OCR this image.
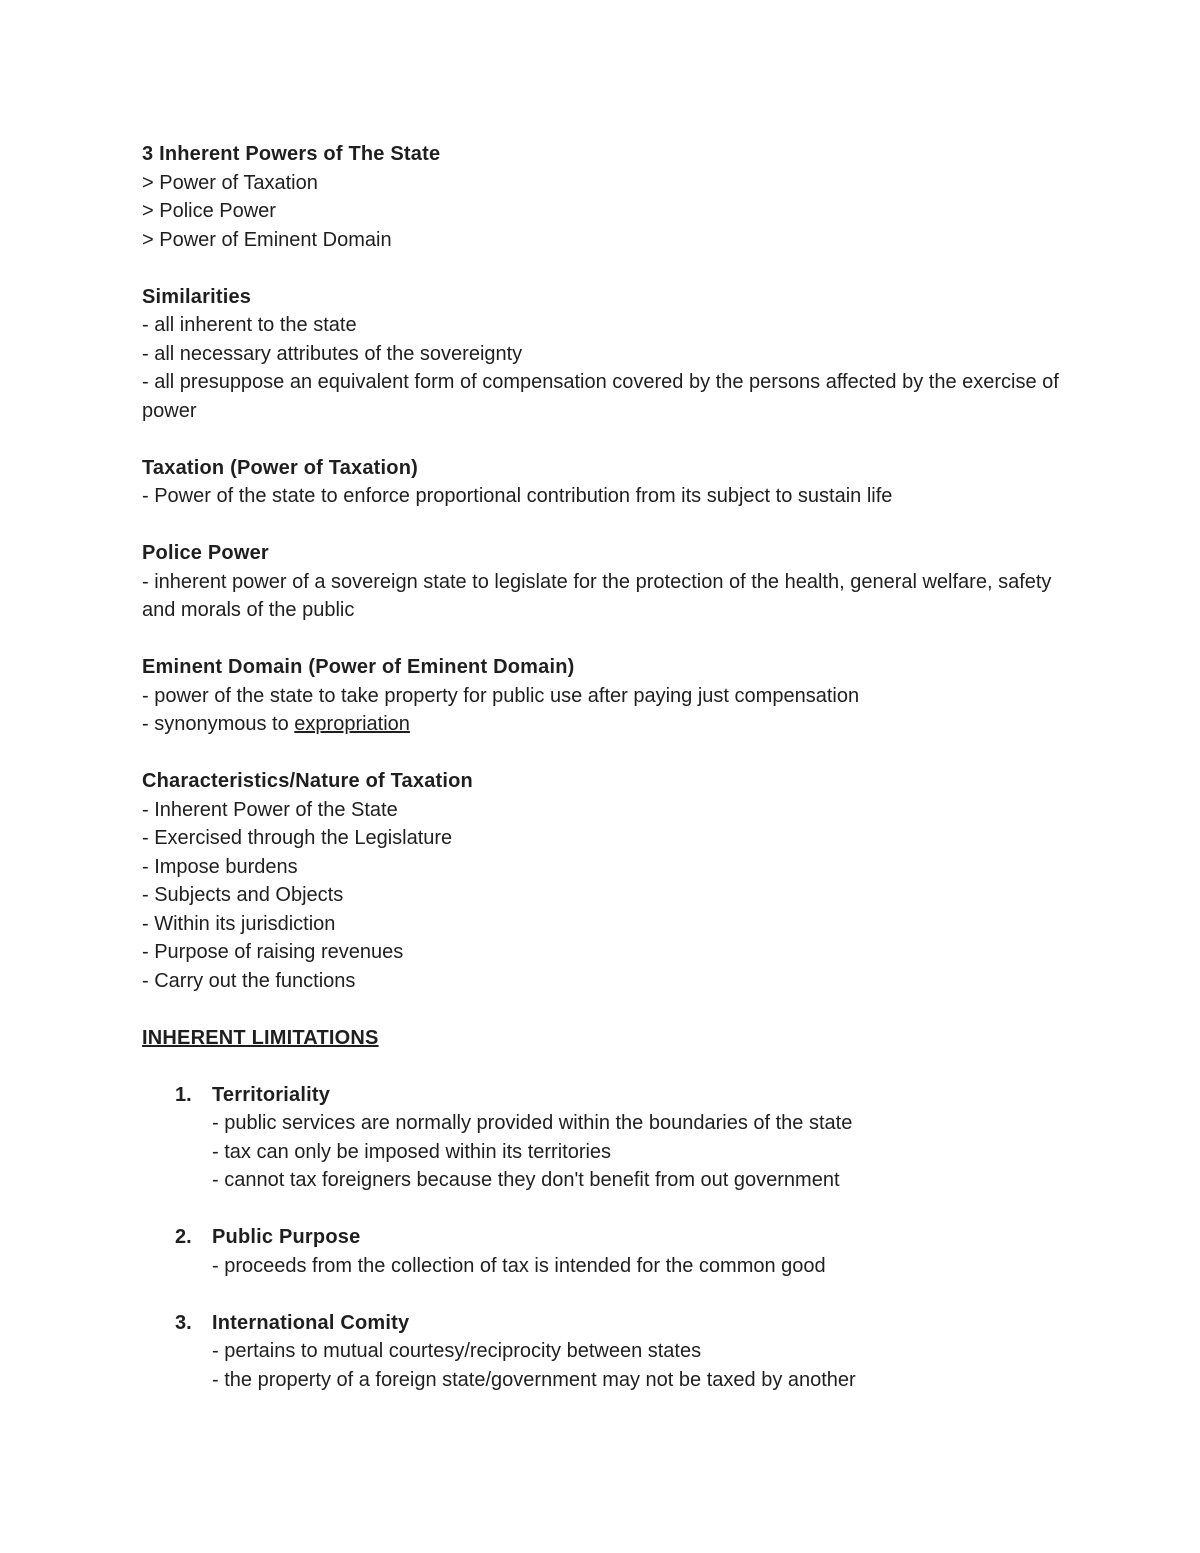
3 Inherent Powers of The State
> Power of Taxation
> Police Power
> Power of Eminent Domain
Similarities
- all inherent to the state
- all necessary attributes of the sovereignty
- all presuppose an equivalent form of compensation covered by the persons affected by the exercise of power
Taxation (Power of Taxation)
- Power of the state to enforce proportional contribution from its subject to sustain life
Police Power
- inherent power of a sovereign state to legislate for the protection of the health, general welfare, safety and morals of the public
Eminent Domain (Power of Eminent Domain)
- power of the state to take property for public use after paying just compensation
- synonymous to expropriation
Characteristics/Nature of Taxation
- Inherent Power of the State
- Exercised through the Legislature
- Impose burdens
- Subjects and Objects
- Within its jurisdiction
- Purpose of raising revenues
- Carry out the functions
INHERENT LIMITATIONS
1. Territoriality
- public services are normally provided within the boundaries of the state
- tax can only be imposed within its territories
- cannot tax foreigners because they don't benefit from out government
2. Public Purpose
- proceeds from the collection of tax is intended for the common good
3. International Comity
- pertains to mutual courtesy/reciprocity between states
- the property of a foreign state/government may not be taxed by another
